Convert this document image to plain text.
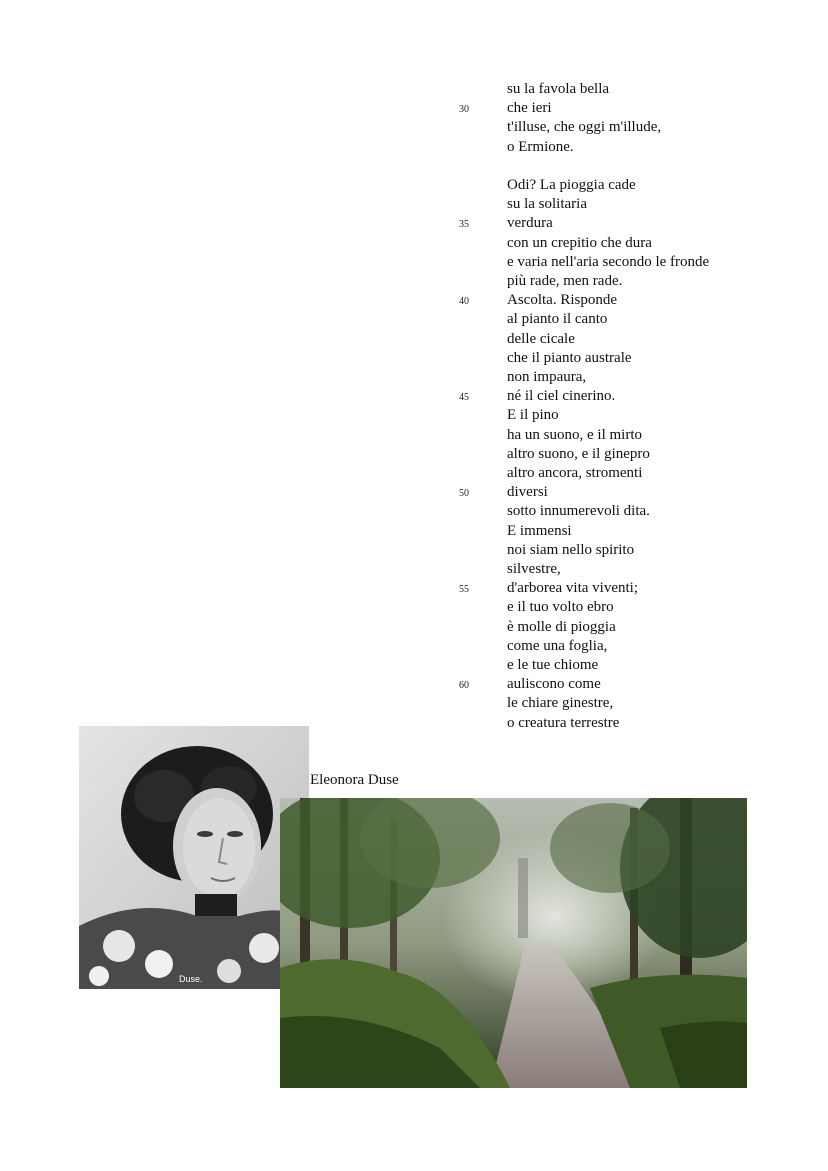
su la favola bella
che ieri
30
t'illuse, che oggi m'illude,
o Ermione.
Odi? La pioggia cade
su la solitaria
verdura
35
con un crepitio che dura
e varia nell'aria secondo le fronde
più rade, men rade.
Ascolta. Risponde
40
al pianto il canto
delle cicale
che il pianto australe
non impaura,
né il ciel cinerino.
45
E il pino
ha un suono, e il mirto
altro suono, e il ginepro
altro ancora, stromenti
diversi
50
sotto innumerevoli dita.
E immensi
noi siam nello spirito
silvestre,
d'arborea vita viventi;
55
e il tuo volto ebro
è molle di pioggia
come una foglia,
e le tue chiome
auliscono come
60
le chiare ginestre,
o creatura terrestre
Duse.
Eleonora Duse
